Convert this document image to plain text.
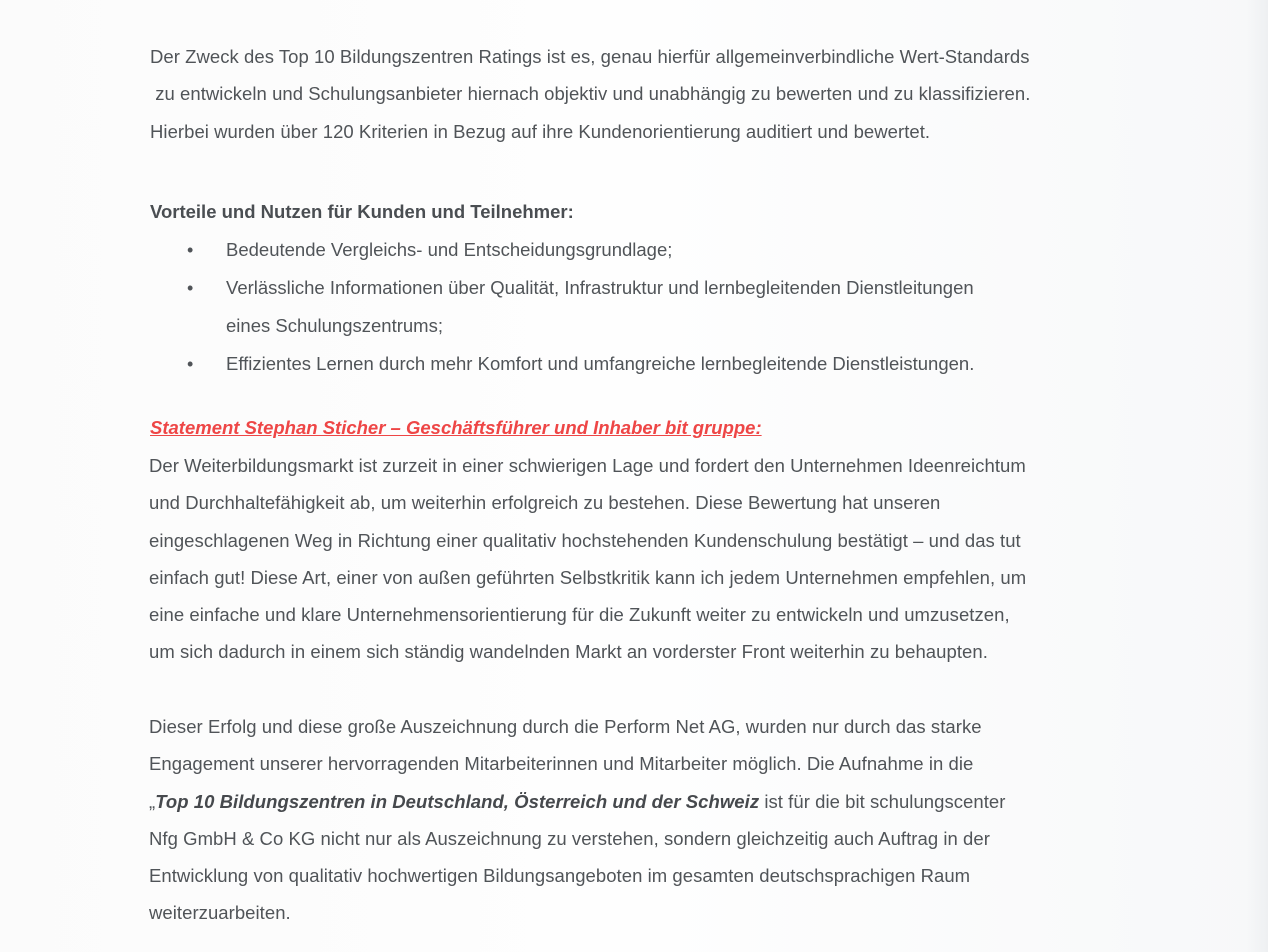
Der Zweck des Top 10 Bildungszentren Ratings ist es, genau hierfür allgemeinverbindliche Wert-Standards
zu entwickeln und Schulungsanbieter hiernach objektiv und unabhängig zu bewerten und zu klassifizieren.
Hierbei wurden über 120 Kriterien in Bezug auf ihre Kundenorientierung auditiert und bewertet.
Vorteile und Nutzen für Kunden und Teilnehmer:
• Bedeutende Vergleichs- und Entscheidungsgrundlage;
• Verlässliche Informationen über Qualität, Infrastruktur und lernbegleitenden Dienstleitungen
eines Schulungszentrums;
• Effizientes Lernen durch mehr Komfort und umfangreiche lernbegleitende Dienstleistungen.
Statement Stephan Sticher – Geschäftsführer und Inhaber bit gruppe:
Der Weiterbildungsmarkt ist zurzeit in einer schwierigen Lage und fordert den Unternehmen Ideenreichtum
und Durchhaltefähigkeit ab, um weiterhin erfolgreich zu bestehen. Diese Bewertung hat unseren
eingeschlagenen Weg in Richtung einer qualitativ hochstehenden Kundenschulung bestätigt – und das tut
einfach gut! Diese Art, einer von außen geführten Selbstkritik kann ich jedem Unternehmen empfehlen, um
eine einfache und klare Unternehmensorientierung für die Zukunft weiter zu entwickeln und umzusetzen,
um sich dadurch in einem sich ständig wandelnden Markt an vorderster Front weiterhin zu behaupten.
Dieser Erfolg und diese große Auszeichnung durch die Perform Net AG, wurden nur durch das starke
Engagement unserer hervorragenden Mitarbeiterinnen und Mitarbeiter möglich. Die Aufnahme in die
„Top 10 Bildungszentren in Deutschland, Österreich und der Schweiz ist für die bit schulungscenter
Nfg GmbH & Co KG nicht nur als Auszeichnung zu verstehen, sondern gleichzeitig auch Auftrag in der
Entwicklung von qualitativ hochwertigen Bildungsangeboten im gesamten deutschsprachigen Raum
weiterzuarbeiten.
